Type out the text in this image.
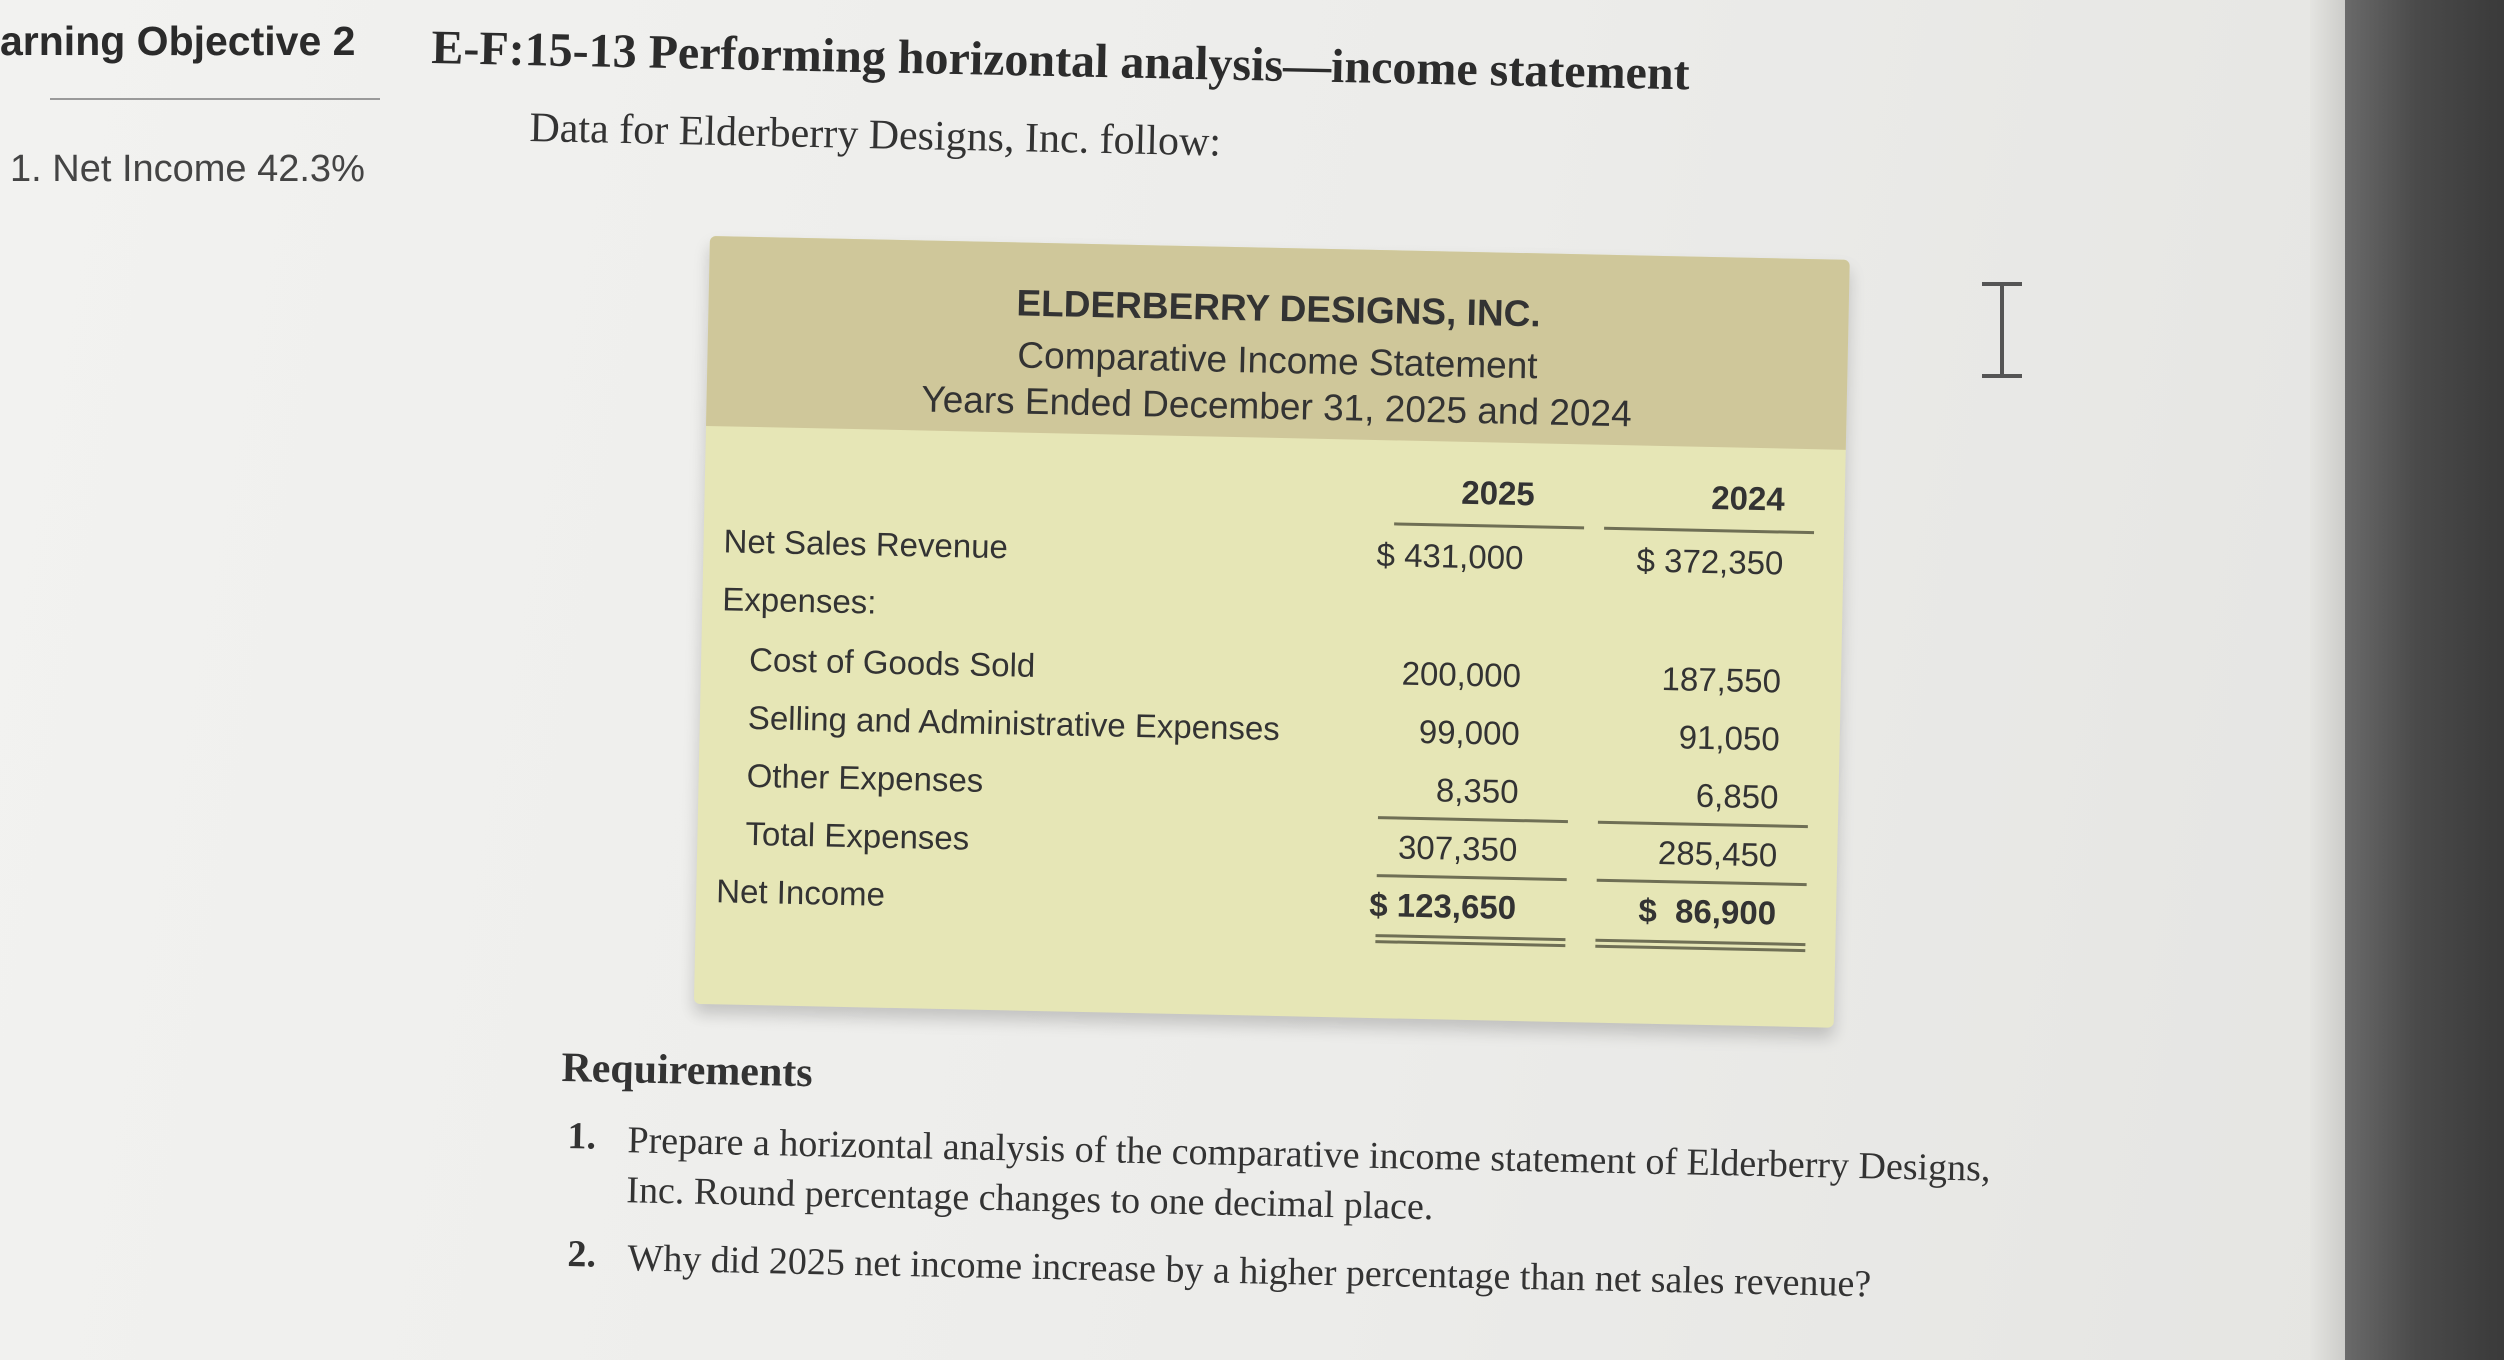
arning Objective 2
1. Net Income 42.3%
E-F:15-13 Performing horizontal analysis—income statement
Data for Elderberry Designs, Inc. follow:
ELDERBERRY DESIGNS, INC.
Comparative Income Statement
Years Ended December 31, 2025 and 2024
2025	2024
Net Sales Revenue	$ 431,000	$ 372,350
Expenses:
Cost of Goods Sold	200,000	187,550
Selling and Administrative Expenses	99,000	91,050
Other Expenses	8,350	6,850
Total Expenses	307,350	285,450
Net Income	$ 123,650	$  86,900
Requirements
1. Prepare a horizontal analysis of the comparative income statement of Elderberry Designs, Inc. Round percentage changes to one decimal place.
2. Why did 2025 net income increase by a higher percentage than net sales revenue?
